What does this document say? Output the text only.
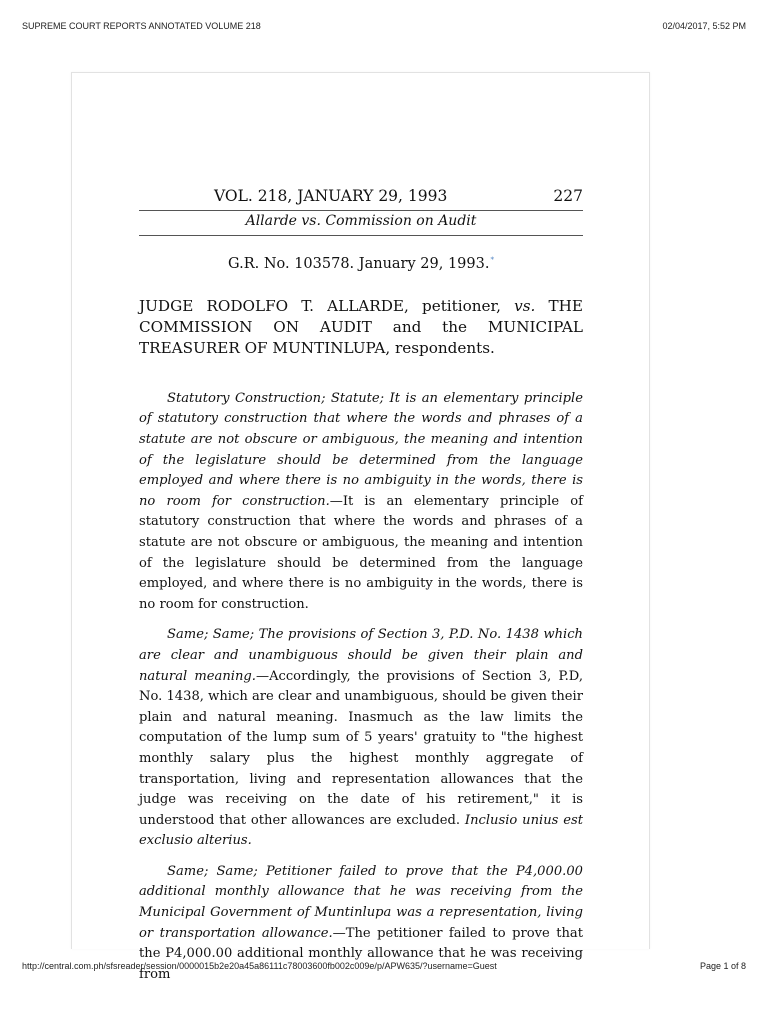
SUPREME COURT REPORTS ANNOTATED VOLUME 218	02/04/2017, 5:52 PM
VOL. 218, JANUARY 29, 1993	227
Allarde vs. Commission on Audit
G.R. No. 103578. January 29, 1993.*
JUDGE RODOLFO T. ALLARDE, petitioner, vs. THE COMMISSION ON AUDIT and the MUNICIPAL TREASURER OF MUNTINLUPA, respondents.

Statutory Construction; Statute; It is an elementary principle of statutory construction that where the words and phrases of a statute are not obscure or ambiguous, the meaning and intention of the legislature should be determined from the language employed and where there is no ambiguity in the words, there is no room for construction.—It is an elementary principle of statutory construction that where the words and phrases of a statute are not obscure or ambiguous, the meaning and intention of the legislature should be determined from the language employed, and where there is no ambiguity in the words, there is no room for construction.

Same; Same; The provisions of Section 3, P.D. No. 1438 which are clear and unambiguous should be given their plain and natural meaning.—Accordingly, the provisions of Section 3, P.D, No. 1438, which are clear and unambiguous, should be given their plain and natural meaning. Inasmuch as the law limits the computation of the lump sum of 5 years' gratuity to "the highest monthly salary plus the highest monthly aggregate of transportation, living and representation allowances that the judge was receiving on the date of his retirement," it is understood that other allowances are excluded. Inclusio unius est exclusio alterius.

Same; Same; Petitioner failed to prove that the P4,000.00 additional monthly allowance that he was receiving from the Municipal Government of Muntinlupa was a representation, living or transportation allowance.—The petitioner failed to prove that the P4,000.00 additional monthly allowance that he was receiving from

http://central.com.ph/sfsreader/session/0000015b2e20a45a86111c78003600fb002c009e/p/APW635/?username=Guest	Page 1 of 8
